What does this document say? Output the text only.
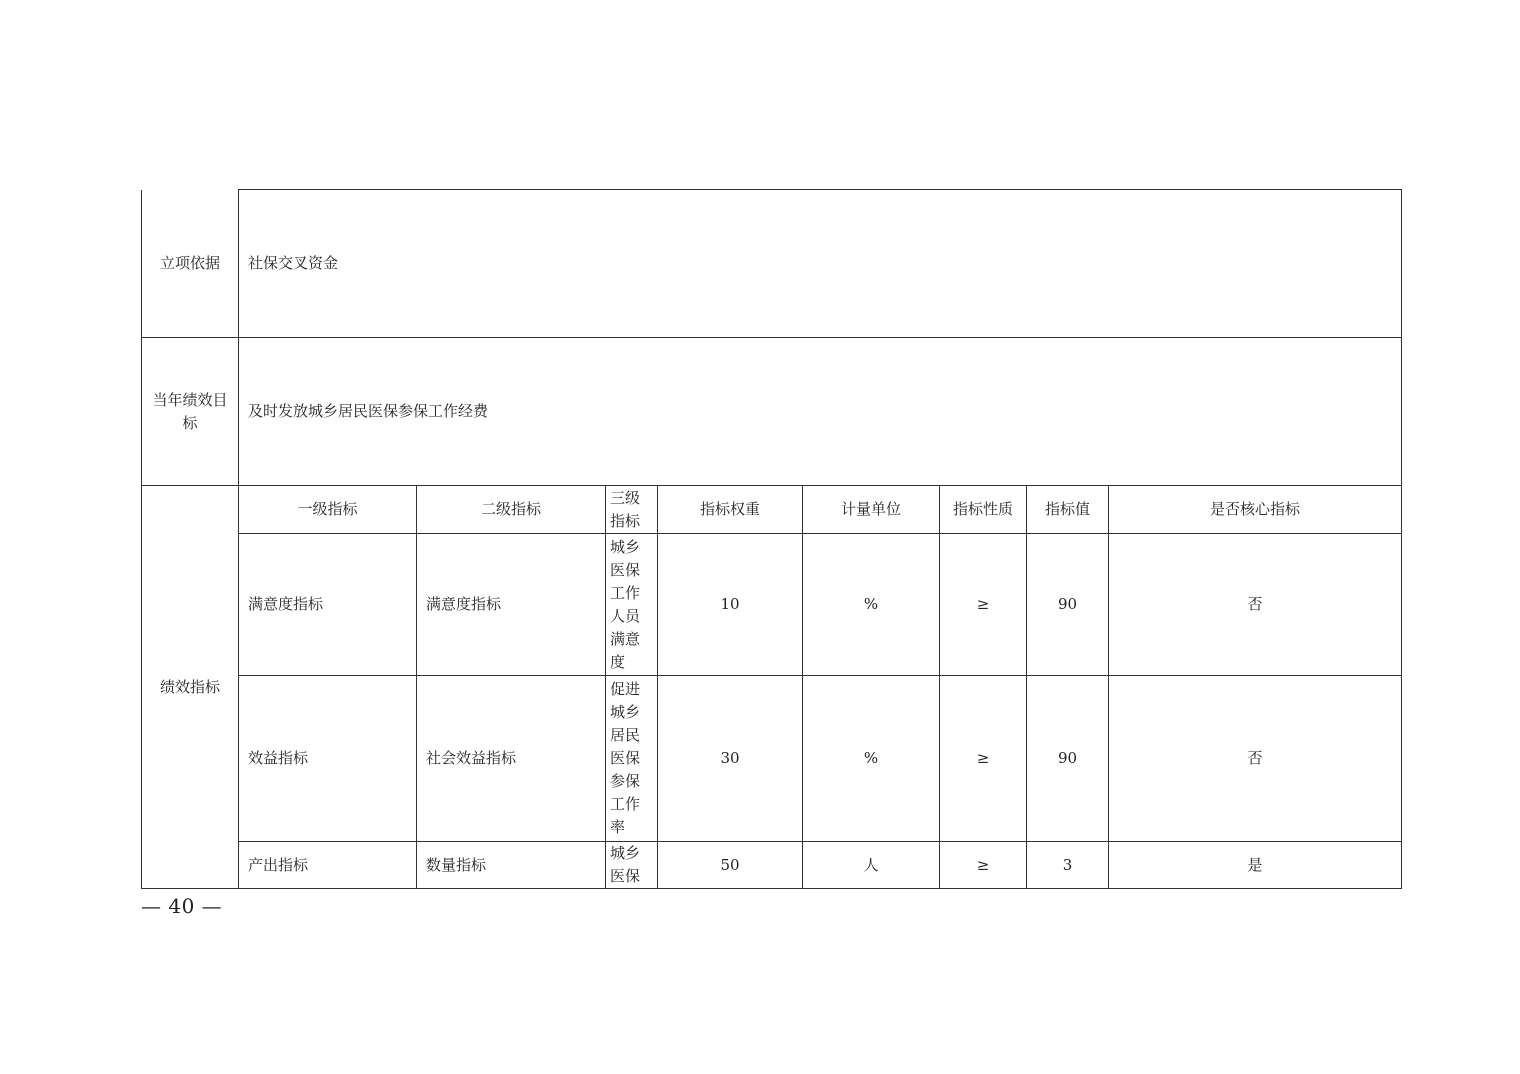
立项依据	社保交叉资金							
当年绩效目标	及时发放城乡居民医保参保工作经费							
绩效指标	一级指标	二级指标	三级指标	指标权重	计量单位	指标性质	指标值	是否核心指标
	满意度指标	满意度指标	城乡医保工作人员满意度	10	%	≥	90	否
	效益指标	社会效益指标	促进城乡居民医保参保工作率	30	%	≥	90	否
	产出指标	数量指标	城乡医保	50	人	≥	3	是
— 40 —
